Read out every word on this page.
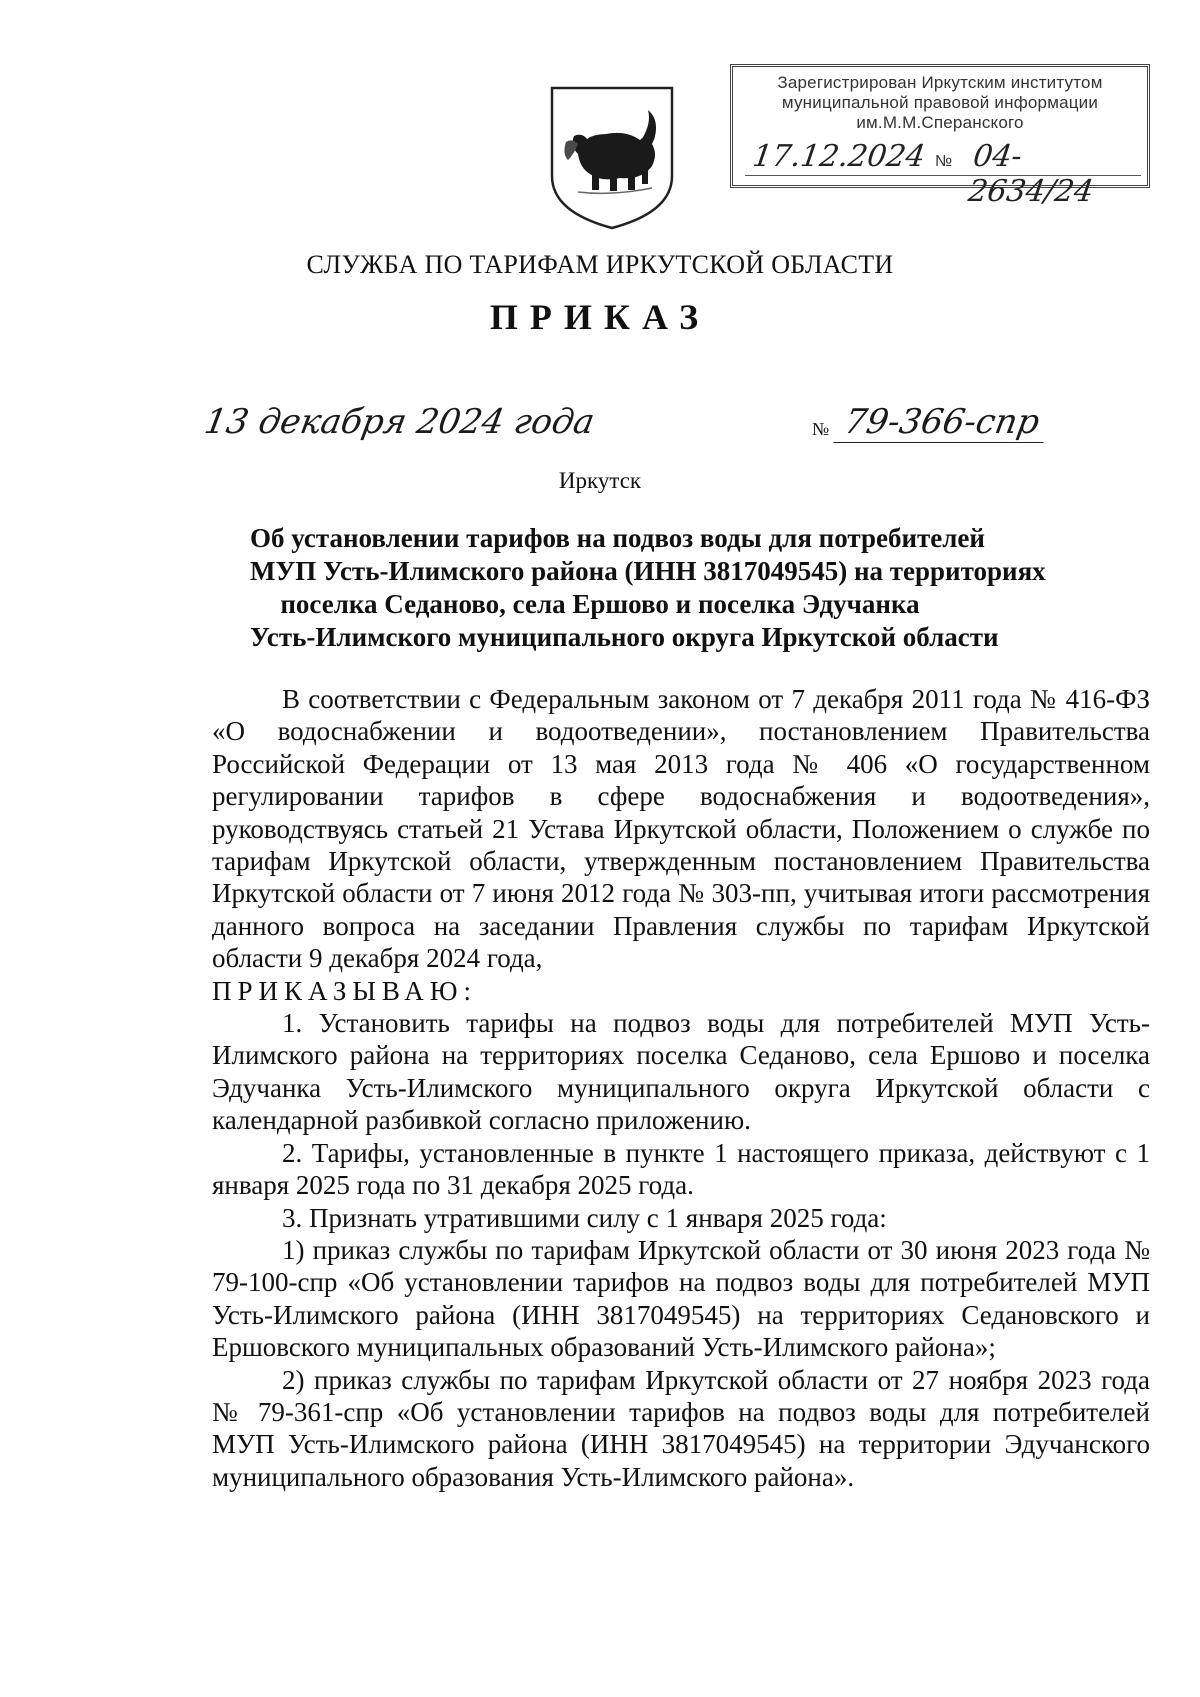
Зарегистрирован Иркутским институтом
муниципальной правовой информации
им.М.М.Сперанского
17.12.2024 № 04-2634/24
СЛУЖБА ПО ТАРИФАМ ИРКУТСКОЙ ОБЛАСТИ
ПРИКАЗ
13 декабря 2024 года	№ 79-366-спр
Иркутск
Об установлении тарифов на подвоз воды для потребителей
МУП Усть-Илимского района (ИНН 3817049545) на территориях
поселка Седаново, села Ершово и поселка Эдучанка
Усть-Илимского муниципального округа Иркутской области

В соответствии с Федеральным законом от 7 декабря 2011 года № 416-ФЗ «О водоснабжении и водоотведении», постановлением Правительства Российской Федерации от 13 мая 2013 года № 406 «О государственном регулировании тарифов в сфере водоснабжения и водоотведения», руководствуясь статьей 21 Устава Иркутской области, Положением о службе по тарифам Иркутской области, утвержденным постановлением Правительства Иркутской области от 7 июня 2012 года № 303-пп, учитывая итоги рассмотрения данного вопроса на заседании Правления службы по тарифам Иркутской области 9 декабря 2024 года,

ПРИКАЗЫВАЮ:

1. Установить тарифы на подвоз воды для потребителей МУП Усть-Илимского района на территориях поселка Седаново, села Ершово и поселка Эдучанка Усть-Илимского муниципального округа Иркутской области с календарной разбивкой согласно приложению.

2. Тарифы, установленные в пункте 1 настоящего приказа, действуют с 1 января 2025 года по 31 декабря 2025 года.

3. Признать утратившими силу с 1 января 2025 года:

1) приказ службы по тарифам Иркутской области от 30 июня 2023 года № 79-100-спр «Об установлении тарифов на подвоз воды для потребителей МУП Усть-Илимского района (ИНН 3817049545) на территориях Седановского и Ершовского муниципальных образований Усть-Илимского района»;

2) приказ службы по тарифам Иркутской области от 27 ноября 2023 года № 79-361-спр «Об установлении тарифов на подвоз воды для потребителей МУП Усть-Илимского района (ИНН 3817049545) на территории Эдучанского муниципального образования Усть-Илимского района».
